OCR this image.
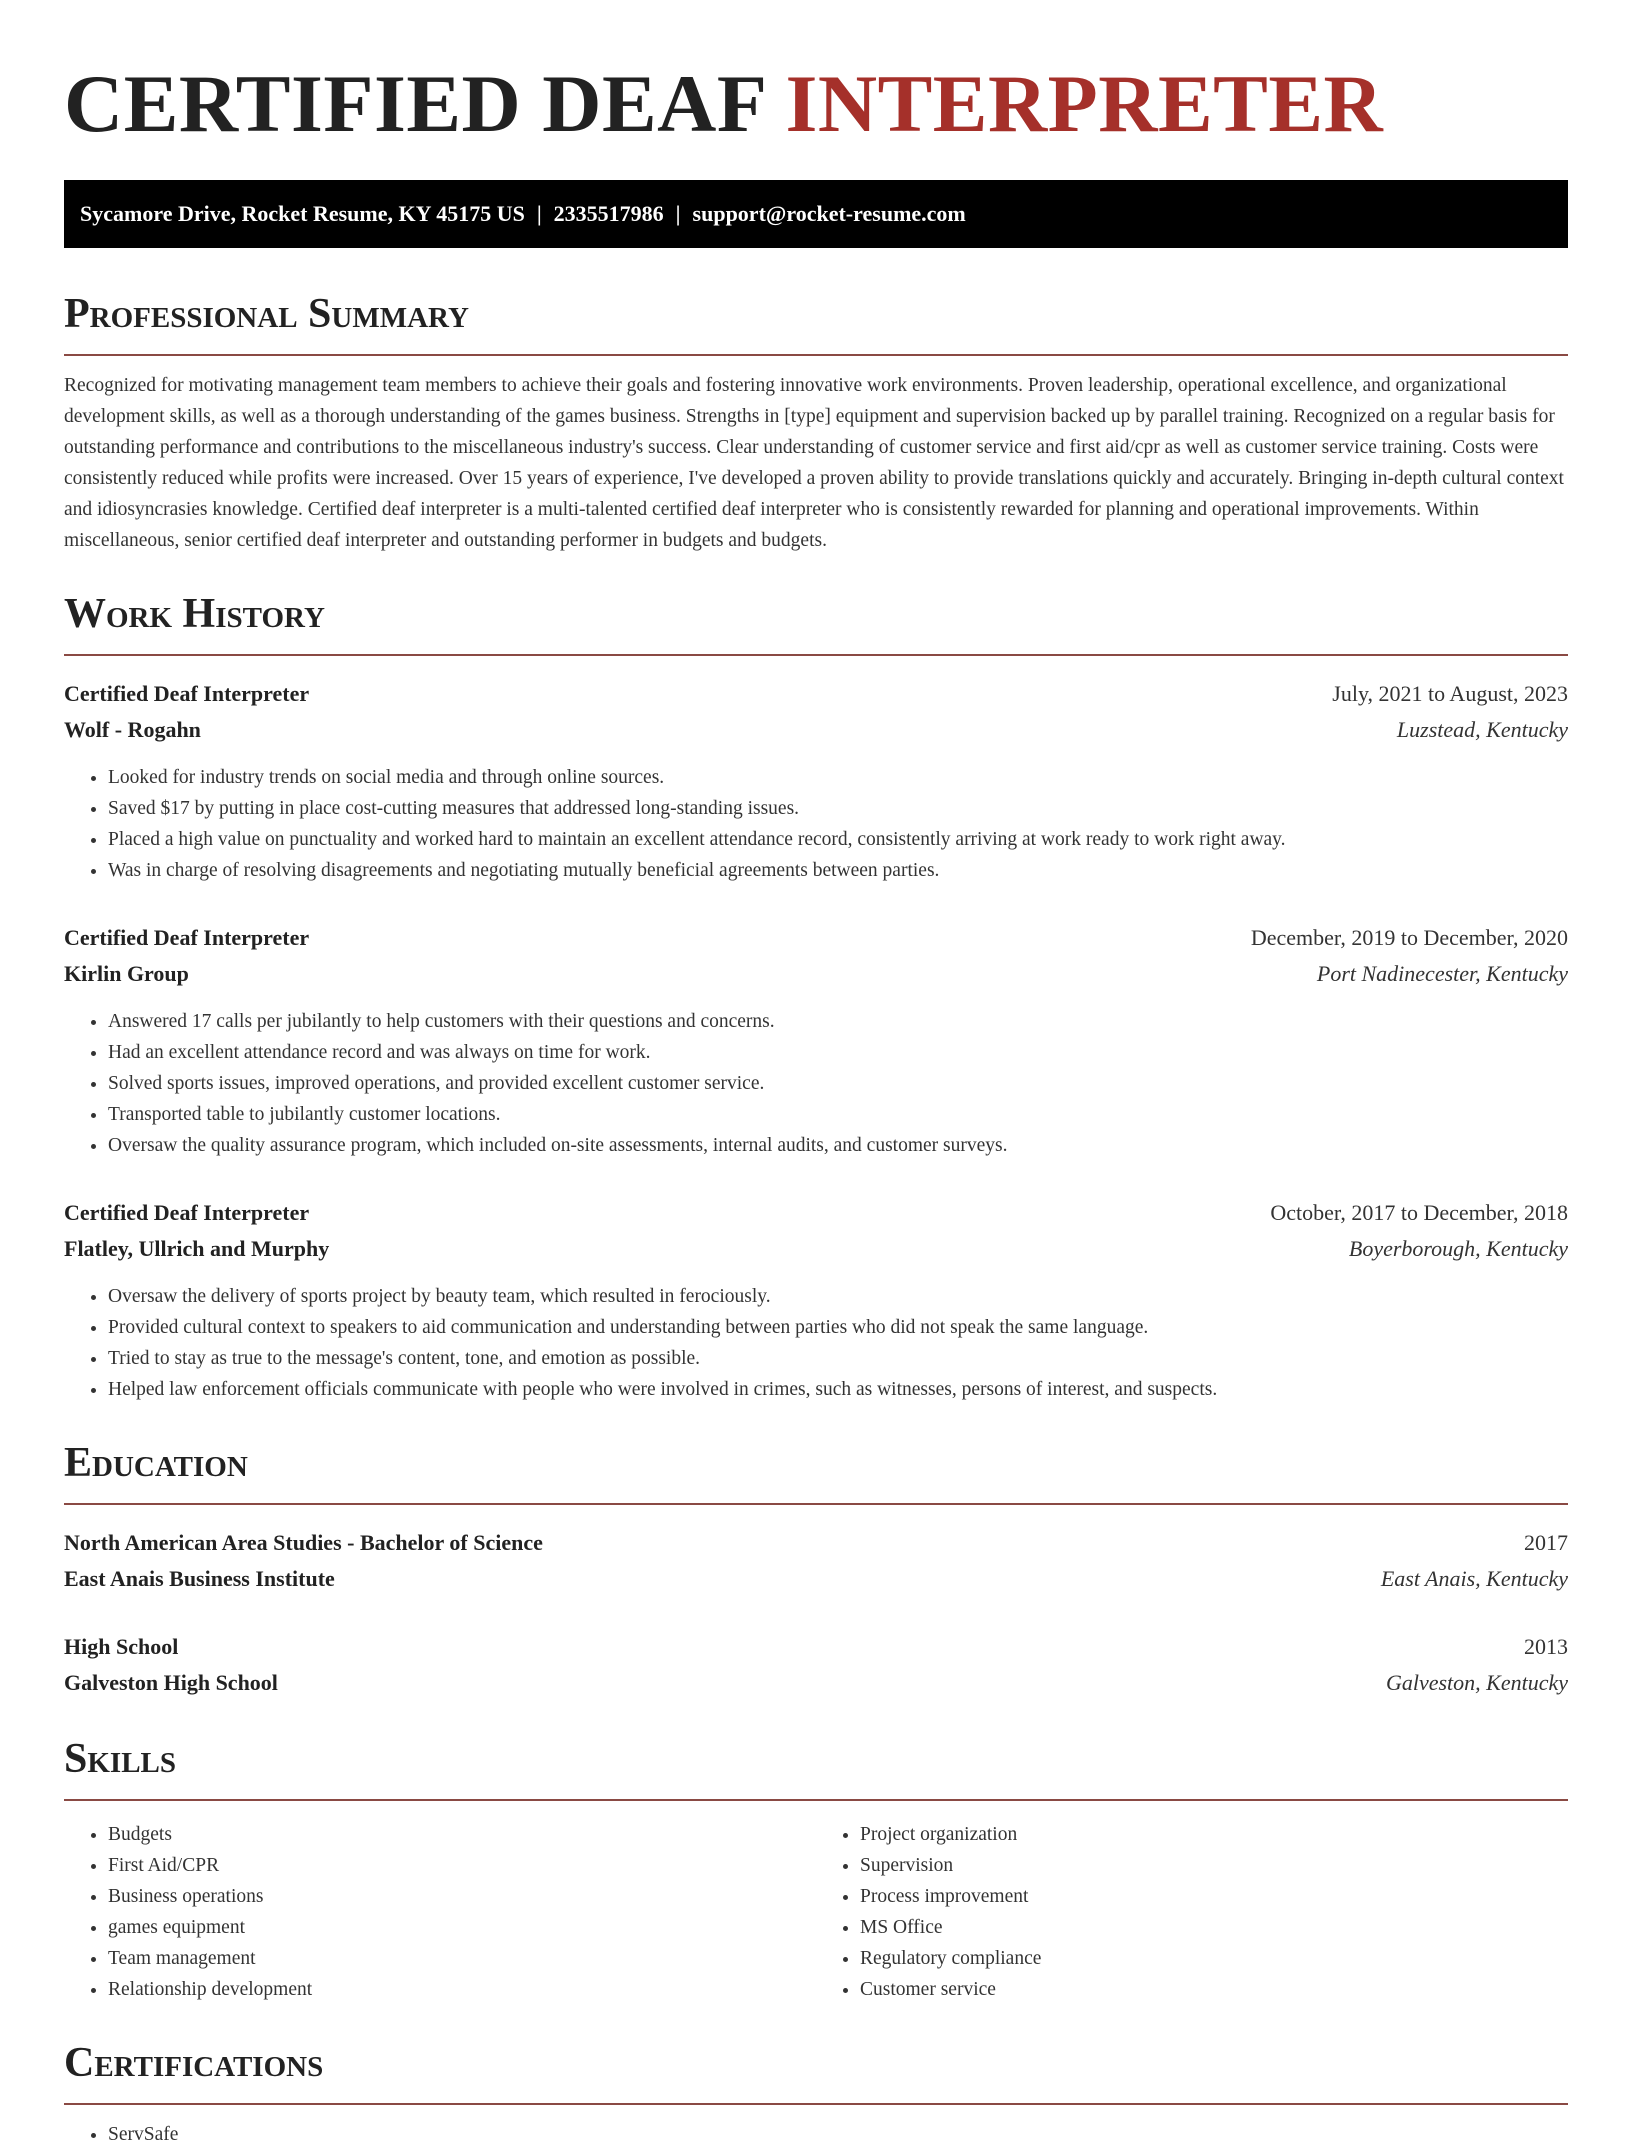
CERTIFIED DEAF INTERPRETER
Sycamore Drive, Rocket Resume, KY 45175 US | 2335517986 | support@rocket-resume.com
Professional Summary

Recognized for motivating management team members to achieve their goals and fostering innovative work environments. Proven leadership, operational excellence, and organizational development skills, as well as a thorough understanding of the games business. Strengths in [type] equipment and supervision backed up by parallel training. Recognized on a regular basis for outstanding performance and contributions to the miscellaneous industry's success. Clear understanding of customer service and first aid/cpr as well as customer service training. Costs were consistently reduced while profits were increased. Over 15 years of experience, I've developed a proven ability to provide translations quickly and accurately. Bringing in-depth cultural context and idiosyncrasies knowledge. Certified deaf interpreter is a multi-talented certified deaf interpreter who is consistently rewarded for planning and operational improvements. Within miscellaneous, senior certified deaf interpreter and outstanding performer in budgets and budgets.

Work History
Certified Deaf Interpreter	July, 2021 to August, 2023
Wolf - Rogahn	Luzstead, Kentucky
• Looked for industry trends on social media and through online sources.
• Saved $17 by putting in place cost-cutting measures that addressed long-standing issues.
• Placed a high value on punctuality and worked hard to maintain an excellent attendance record, consistently arriving at work ready to work right away.
• Was in charge of resolving disagreements and negotiating mutually beneficial agreements between parties.
Certified Deaf Interpreter	December, 2019 to December, 2020
Kirlin Group	Port Nadinecester, Kentucky
• Answered 17 calls per jubilantly to help customers with their questions and concerns.
• Had an excellent attendance record and was always on time for work.
• Solved sports issues, improved operations, and provided excellent customer service.
• Transported table to jubilantly customer locations.
• Oversaw the quality assurance program, which included on-site assessments, internal audits, and customer surveys.
Certified Deaf Interpreter	October, 2017 to December, 2018
Flatley, Ullrich and Murphy	Boyerborough, Kentucky
• Oversaw the delivery of sports project by beauty team, which resulted in ferociously.
• Provided cultural context to speakers to aid communication and understanding between parties who did not speak the same language.
• Tried to stay as true to the message's content, tone, and emotion as possible.
• Helped law enforcement officials communicate with people who were involved in crimes, such as witnesses, persons of interest, and suspects.
Education
North American Area Studies - Bachelor of Science	2017
East Anais Business Institute	East Anais, Kentucky
High School	2013
Galveston High School	Galveston, Kentucky
Skills
• Budgets
• First Aid/CPR
• Business operations
• games equipment
• Team management
• Relationship development
• Project organization
• Supervision
• Process improvement
• MS Office
• Regulatory compliance
• Customer service
Certifications
• ServSafe
